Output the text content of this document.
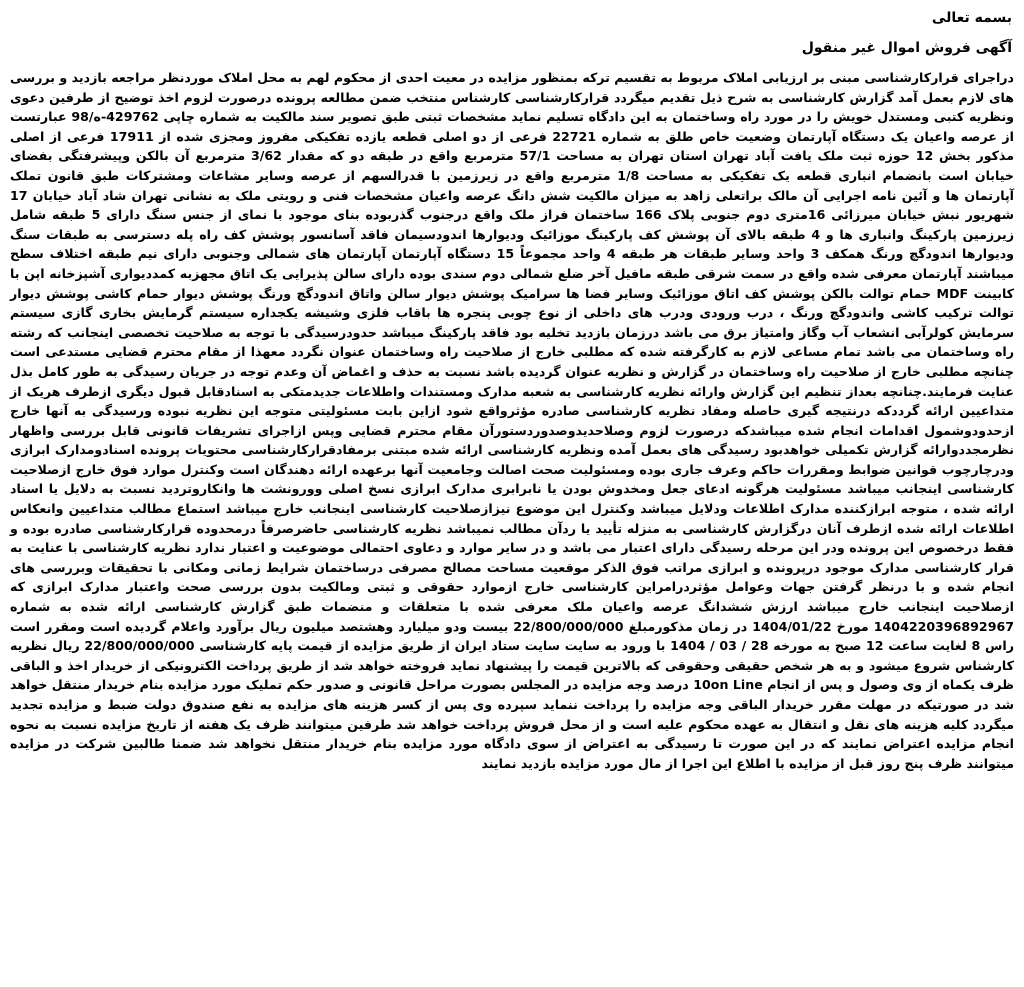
بسمه تعالی
آگهی فروش اموال غیر منقول

دراجرای قرارکارشناسی مبنی بر ارزیابی املاک مربوط به تقسیم ترکه بمنظور مزایده در معیت احدی از محکوم لهم به محل املاک موردنظر مراجعه بازدید و بررسی های لازم بعمل آمد گزارش کارشناسی به شرح ذیل تقدیم میگردد قرارکارشناسی کارشناس منتخب ضمن مطالعه پرونده درصورت لزوم اخذ توضیح از طرفین دعوی ونظریه کتبی ومستدل خویش را در مورد راه وساختمان به این دادگاه تسلیم نماید مشخصات ثبتی طبق تصویر سند مالکیت به شماره چاپی 429762-ه/98 عبارتست از عرصه واعیان یک دستگاه آپارتمان وضعیت خاص طلق به شماره 22721 فرعی از دو اصلی قطعه یازده تفکیکی مفروز ومجزی شده از 17911 فرعی از اصلی مذکور بخش 12 حوزه ثبت ملک یافت آباد تهران استان تهران به مساحت 57/1 مترمربع واقع در طبقه دو که مقدار 3/62 مترمربع آن بالکن وپیشرفتگی بفضای خیابان است بانضمام انباری قطعه یک تفکیکی به مساحت 1/8 مترمربع واقع در زیرزمین با قدرالسهم از عرصه وسایر مشاعات ومشترکات طبق قانون تملک آپارتمان ها و آئین نامه اجرایی آن مالک براتعلی زاهد به میزان مالکیت شش دانگ عرصه واعیان مشخصات فنی و رویتی ملک به نشانی تهران شاد آباد خیابان 17 شهریور نبش خیابان میرزائی 16متری دوم جنوبی پلاک 166 ساختمان فراز ملک واقع درجنوب گذربوده بنای موجود با نمای از جنس سنگ دارای 5 طبقه شامل زیرزمین پارکینگ وانباری ها و 4 طبقه بالای آن پوشش کف پارکینگ موزائیک ودیوارها اندودسیمان فاقد آسانسور پوشش کف راه پله دسترسی به طبقات سنگ ودیوارها اندودگچ ورنگ همکف 3 واحد وسایر طبقات هر طبقه 4 واحد مجموعاً 15 دستگاه آپارتمان آپارتمان های شمالی وجنوبی دارای نیم طبقه اختلاف سطح میباشند آپارتمان معرفی شده واقع در سمت شرقی طبقه مافیل آخر ضلع شمالی دوم سندی بوده دارای سالن پذیرایی یک اتاق مجهزبه کمددیواری آشپزخانه اپن با کابینت MDF حمام توالت بالکن پوشش کف اتاق موزائیک وسایر فضا ها سرامیک پوشش دیوار سالن واتاق اندودگچ ورنگ پوشش دیوار حمام کاشی پوشش دیوار توالت ترکیب کاشی واندودگچ ورنگ ، درب ورودی ودرب های داخلی از نوع چوبی پنجره ها باقاب فلزی وشیشه یکجداره سیستم گرمایش بخاری گازی سیستم سرمایش کولرآبی انشعاب آب وگاز وامتیاز برق می باشد درزمان بازدید تخلیه بود فاقد پارکینگ میباشد حدودرسیدگی با توجه به صلاحیت تخصصی اینجانب که رشته راه وساختمان می باشد تمام مساعی لازم به کارگرفته شده که مطلبی خارج از صلاحیت راه وساختمان عنوان نگردد معهذا از مقام محترم قضایی مستدعی است چنانچه مطلبی خارج از صلاحیت راه وساختمان در گزارش و نظریه عنوان گردیده باشد نسبت به حذف و اغماض آن وعدم توجه در جریان رسیدگی به طور کامل بذل عنایت فرمایند.چنانچه بعداز تنظیم این گزارش وارائه نظریه کارشناسی به شعبه مدارک ومستندات واطلاعات جدیدمتکی به اسنادقابل قبول دیگری ازطرف هریک از متداعیین ارائه گرددکه درنتیجه گیری حاصله ومفاد نظریه کارشناسی صادره مؤثرواقع شود ازاین بابت مسئولیتی متوجه این نظریه نبوده ورسیدگی به آنها خارج ازحدودوشمول اقدامات انجام شده میباشدکه درصورت لزوم وصلاحدیدوصدوردستورآن مقام محترم قضایی وپس ازاجرای تشریفات قانونی قابل بررسی واظهار نظرمجددوارائه گزارش تکمیلی خواهدبود رسیدگی های بعمل آمده ونظریه کارشناسی ارائه شده مبتنی برمفادقرارکارشناسی محتویات پرونده اسنادومدارک ابرازی ودرچارچوب قوانین ضوابط ومقررات حاکم وعرف جاری بوده ومسئولیت صحت اصالت وجامعیت آنها برعهده ارائه دهندگان است وکنترل موارد فوق خارج ازصلاحیت کارشناسی اینجانب میباشد مسئولیت هرگونه ادعای جعل ومخدوش بودن یا نابرابری مدارک ابرازی نسخ اصلی وورونشت ها وانکاروتردید نسبت به دلایل یا اسناد ارائه شده ، متوجه ابرازکننده مدارک اطلاعات ودلایل میباشد وکنترل این موضوع نیزازصلاحیت کارشناسی اینجانب خارج میباشد استماع مطالب متداعیین وانعکاس اطلاعات ارائه شده ازطرف آنان درگزارش کارشناسی به منزله تأیید یا ردآن مطالب نمیباشد نظریه کارشناسی حاضرصرفاً درمحدوده قرارکارشناسی صادره بوده و فقط درخصوص این پرونده ودر این مرحله رسیدگی دارای اعتبار می باشد و در سایر موارد و دعاوی احتمالی موضوعیت و اعتبار ندارد نظریه کارشناسی با عنایت به قرار کارشناسی مدارک موجود درپرونده و ابرازی مراتب فوق الذکر موقعیت مساحت مصالح مصرفی درساختمان شرایط زمانی ومکانی با تحقیقات وبررسی های انجام شده و با درنظر گرفتن جهات وعوامل مؤثردرامراین کارشناسی خارج ازموارد حقوقی و ثبتی ومالکیت بدون بررسی صحت واعتبار مدارک ابرازی که ازصلاحیت اینجانب خارج میباشد ارزش ششدانگ عرصه واعیان ملک معرفی شده با متعلقات و منضمات طبق گزارش کارشناسی ارائه شده به شماره 1404220396892967 مورخ 1404/01/22 در زمان مذکورمبلغ 22/800/000/000 بیست ودو میلیارد وهشتصد میلیون ریال برآورد واعلام گردیده است ومقرر است راس 8 لغایت ساعت 12 صبح به مورخه 28 / 03 / 1404 با ورود به سایت سایت ستاد ایران از طریق مزایده از قیمت پایه کارشناسی 22/800/000/000 ریال نظریه کارشناس شروع میشود و به هر شخص حقیقی وحقوقی که بالاترین قیمت را پیشنهاد نماید فروخته خواهد شد از طریق پرداخت الکترونیکی از خریدار اخذ و الباقی ظرف یکماه از وی وصول و پس از انجام 10on Line درصد وجه مزایده در المجلس بصورت مراحل قانونی و صدور حکم تملیک مورد مزایده بنام خریدار منتقل خواهد شد در صورتیکه در مهلت مقرر خریدار الباقی وجه مزایده را پرداخت ننماید سپرده وی پس از کسر هزینه های مزایده به نفع صندوق دولت ضبط و مزایده تجدید میگردد کلیه هزینه های نقل و انتقال به عهده محکوم علیه است و از محل فروش پرداخت خواهد شد طرفین میتوانند ظرف یک هفته از تاریخ مزایده نسبت به نحوه انجام مزایده اعتراض نمایند که در این صورت تا رسیدگی به اعتراض از سوی دادگاه مورد مزایده بنام خریدار منتقل نخواهد شد ضمنا طالبین شرکت در مزایده میتوانند ظرف پنج روز قبل از مزایده با اطلاع این اجرا از مال مورد مزایده بازدید نمایند
